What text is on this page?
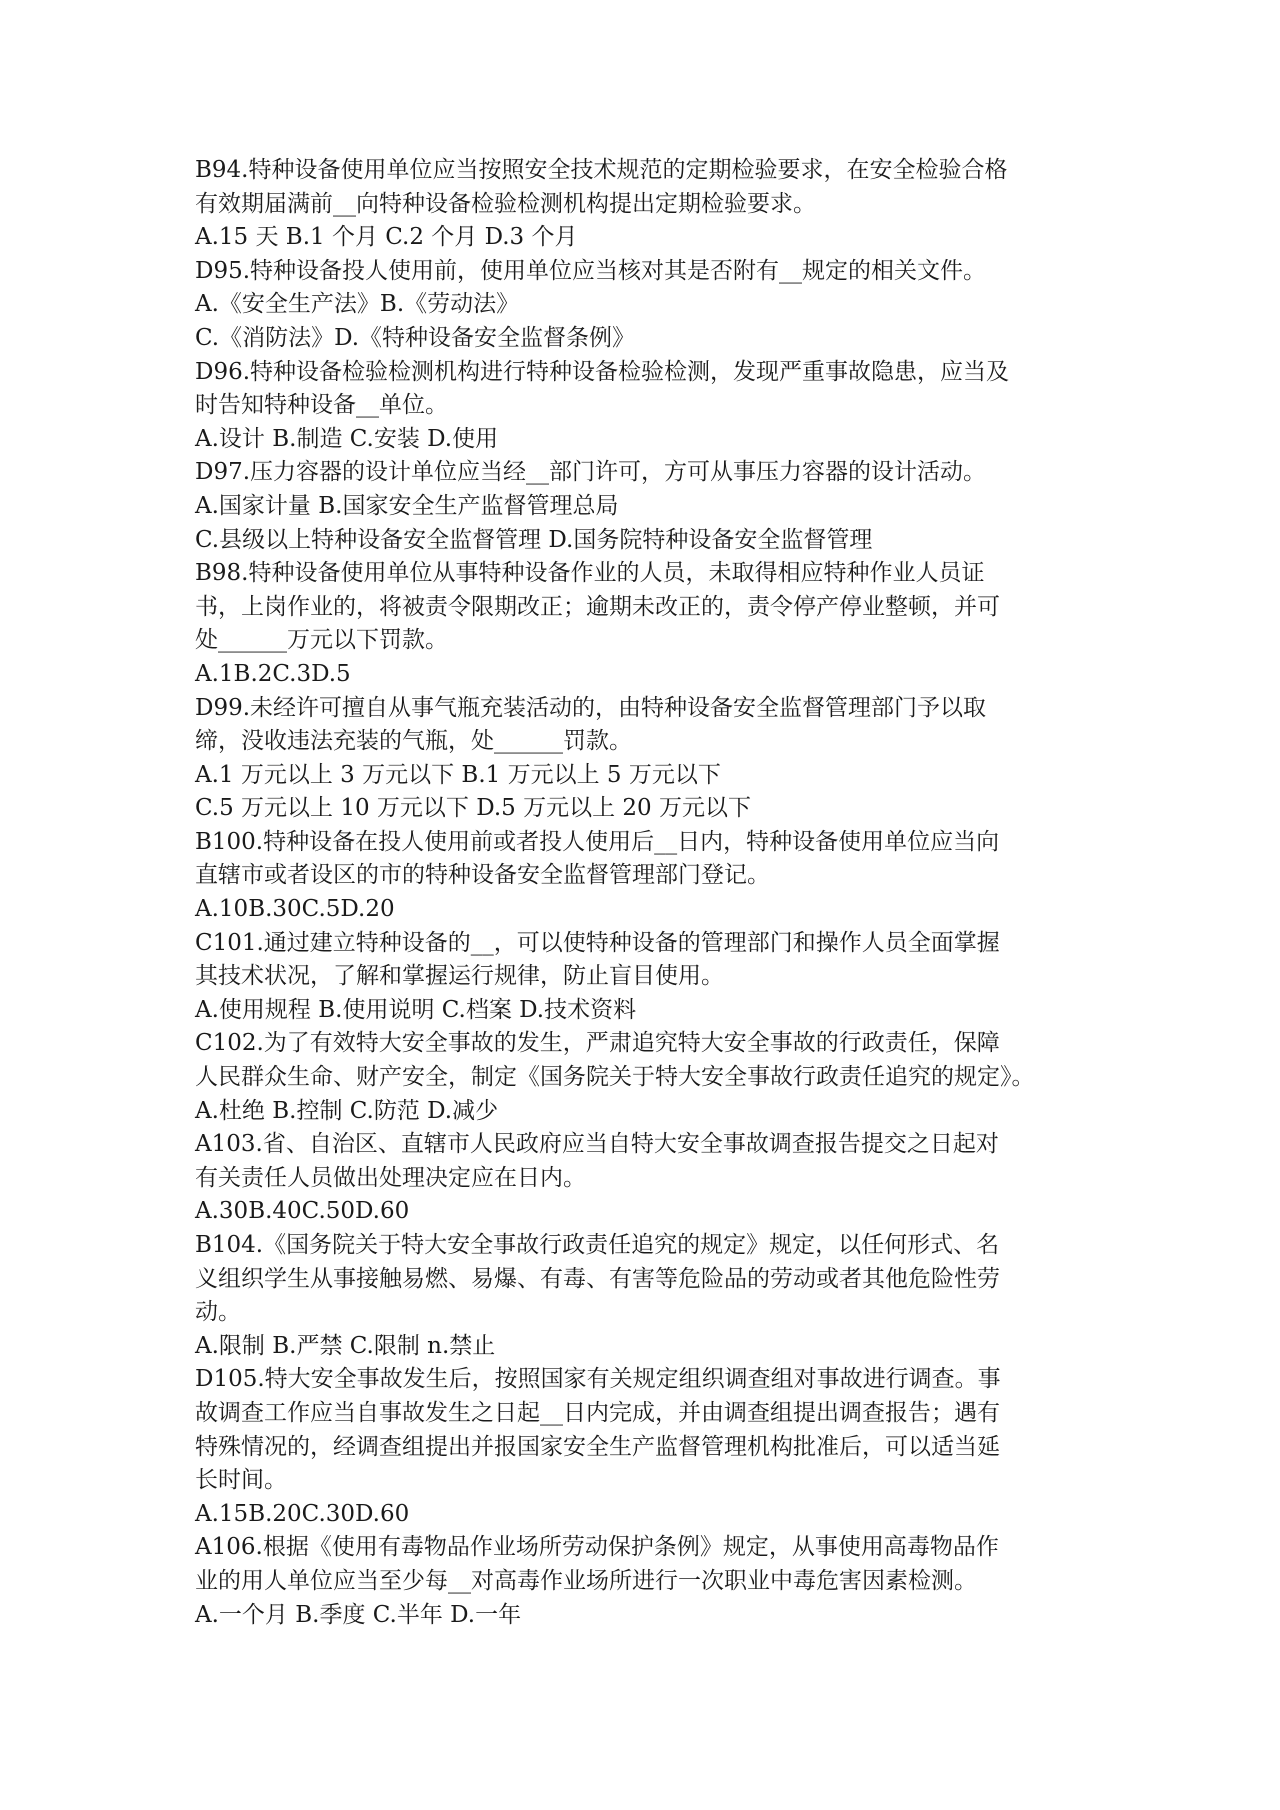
B94.特种设备使用单位应当按照安全技术规范的定期检验要求，在安全检验合格
有效期届满前__向特种设备检验检测机构提出定期检验要求。
A.15 天 B.1 个月 C.2 个月 D.3 个月
D95.特种设备投人使用前，使用单位应当核对其是否附有__规定的相关文件。
A.《安全生产法》B.《劳动法》
C.《消防法》D.《特种设备安全监督条例》
D96.特种设备检验检测机构进行特种设备检验检测，发现严重事故隐患，应当及
时告知特种设备__单位。
A.设计 B.制造 C.安装 D.使用
D97.压力容器的设计单位应当经__部门许可，方可从事压力容器的设计活动。
A.国家计量 B.国家安全生产监督管理总局
C.县级以上特种设备安全监督管理 D.国务院特种设备安全监督管理
B98.特种设备使用单位从事特种设备作业的人员，未取得相应特种作业人员证
书，上岗作业的，将被责令限期改正；逾期未改正的，责令停产停业整顿，并可
处______万元以下罚款。
A.1B.2C.3D.5
D99.未经许可擅自从事气瓶充装活动的，由特种设备安全监督管理部门予以取
缔，没收违法充装的气瓶，处______罚款。
A.1 万元以上 3 万元以下 B.1 万元以上 5 万元以下
C.5 万元以上 10 万元以下 D.5 万元以上 20 万元以下
B100.特种设备在投人使用前或者投人使用后__日内，特种设备使用单位应当向
直辖市或者设区的市的特种设备安全监督管理部门登记。
A.10B.30C.5D.20
C101.通过建立特种设备的__，可以使特种设备的管理部门和操作人员全面掌握
其技术状况，了解和掌握运行规律，防止盲目使用。
A.使用规程 B.使用说明 C.档案 D.技术资料
C102.为了有效特大安全事故的发生，严肃追究特大安全事故的行政责任，保障
人民群众生命、财产安全，制定《国务院关于特大安全事故行政责任追究的规定》。
A.杜绝 B.控制 C.防范 D.减少
A103.省、自治区、直辖市人民政府应当自特大安全事故调查报告提交之日起对
有关责任人员做出处理决定应在日内。
A.30B.40C.50D.60
B104.《国务院关于特大安全事故行政责任追究的规定》规定，以任何形式、名
义组织学生从事接触易燃、易爆、有毒、有害等危险品的劳动或者其他危险性劳
动。
A.限制 B.严禁 C.限制 n.禁止
D105.特大安全事故发生后，按照国家有关规定组织调查组对事故进行调查。事
故调查工作应当自事故发生之日起__日内完成，并由调查组提出调查报告；遇有
特殊情况的，经调查组提出并报国家安全生产监督管理机构批准后，可以适当延
长时间。
A.15B.20C.30D.60
A106.根据《使用有毒物品作业场所劳动保护条例》规定，从事使用高毒物品作
业的用人单位应当至少每__对高毒作业场所进行一次职业中毒危害因素检测。
A.一个月 B.季度 C.半年 D.一年
